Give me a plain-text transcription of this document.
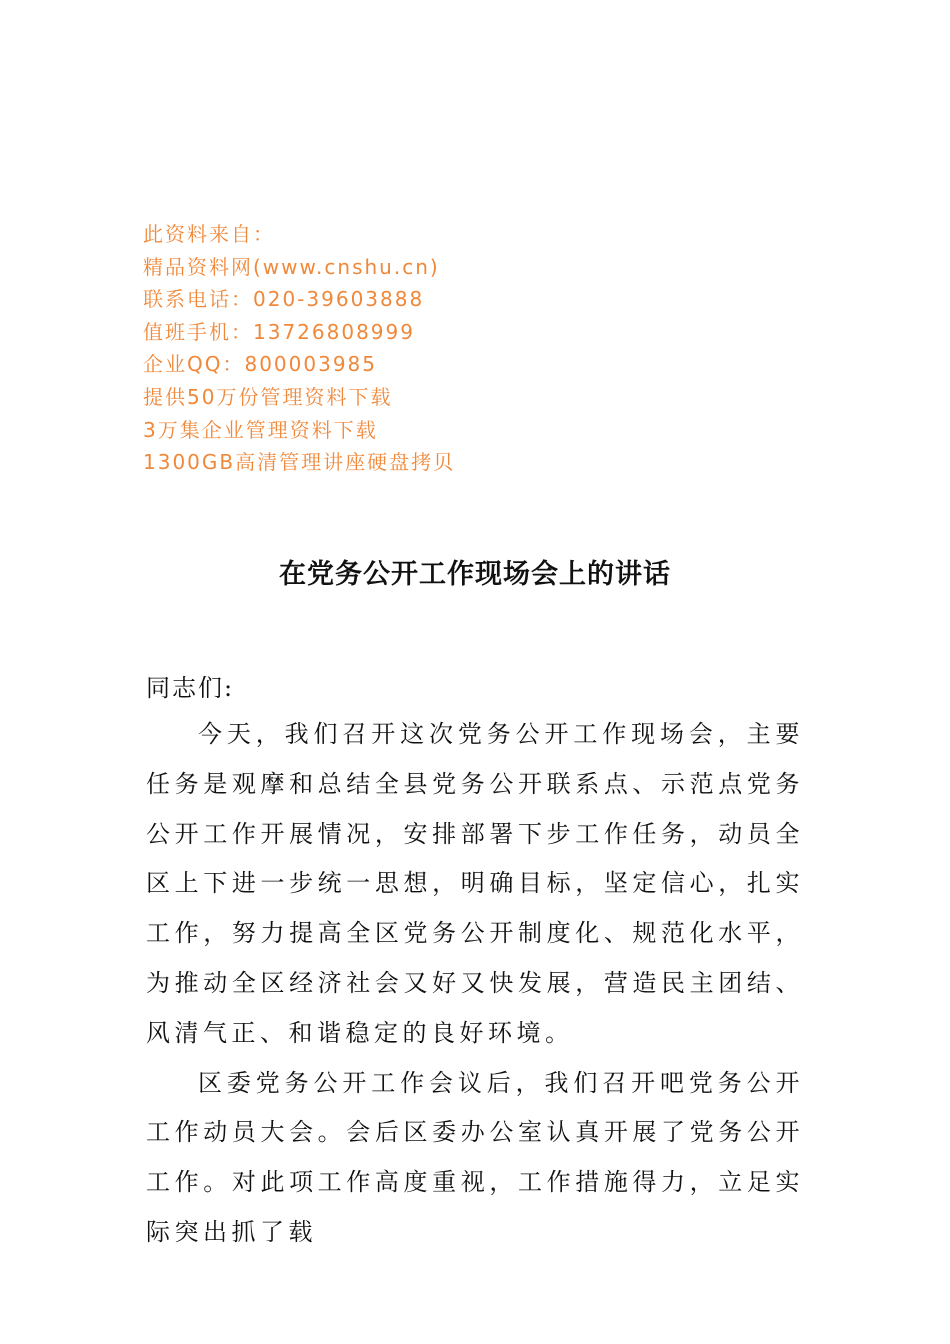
此资料来自：
精品资料网(www.cnshu.cn)
联系电话：020-39603888
值班手机：13726808999
企业QQ：800003985
提供50万份管理资料下载
3万集企业管理资料下载
1300GB高清管理讲座硬盘拷贝
在党务公开工作现场会上的讲话
同志们:

今天，我们召开这次党务公开工作现场会，主要任务是观摩和总结全县党务公开联系点、示范点党务公开工作开展情况，安排部署下步工作任务，动员全区上下进一步统一思想，明确目标，坚定信心，扎实工作，努力提高全区党务公开制度化、规范化水平，为推动全区经济社会又好又快发展，营造民主团结、风清气正、和谐稳定的良好环境。

区委党务公开工作会议后，我们召开吧党务公开工作动员大会。会后区委办公室认真开展了党务公开工作。对此项工作高度重视，工作措施得力，立足实际突出抓了载
